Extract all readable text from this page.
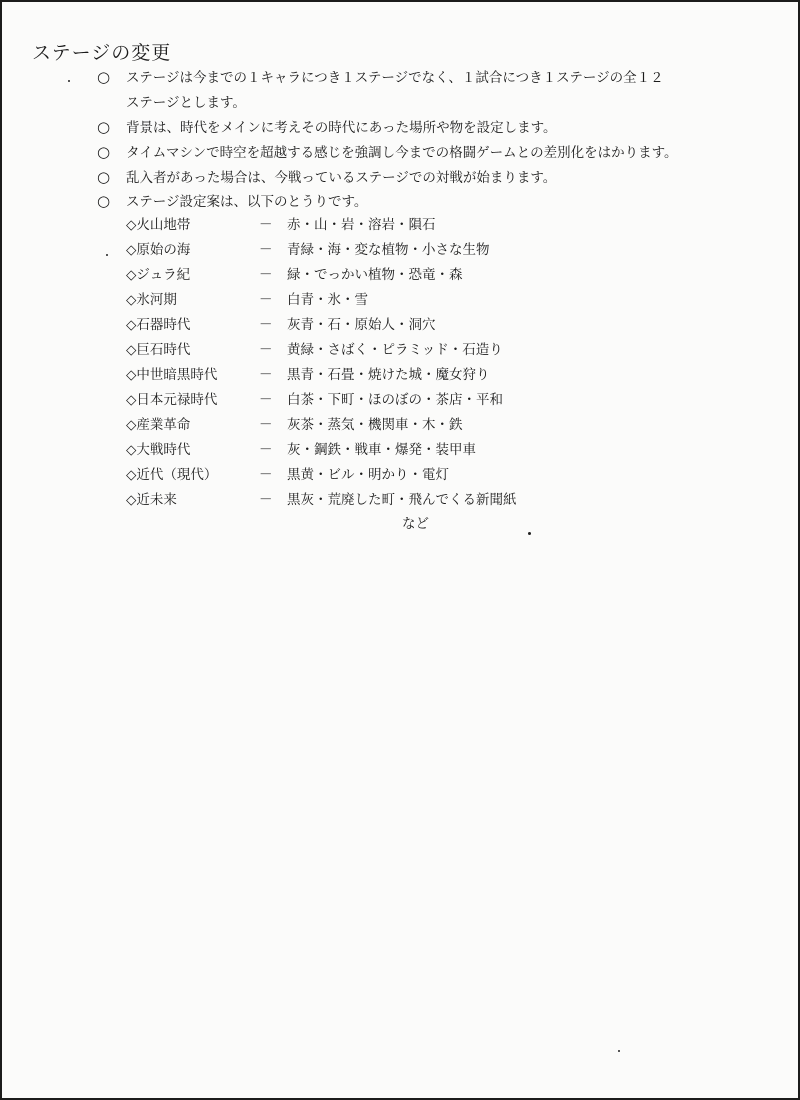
ステージの変更
○ ステージは今までの１キャラにつき１ステージでなく、１試合につき１ステージの全１２
ステージとします。
○ 背景は、時代をメインに考えその時代にあった場所や物を設定します。
○ タイムマシンで時空を超越する感じを強調し今までの格闘ゲームとの差別化をはかります。
○ 乱入者があった場合は、今戦っているステージでの対戦が始まります。
○ ステージ設定案は、以下のとうりです。
◇火山地帯	－ 赤・山・岩・溶岩・隕石
◇原始の海	－ 青緑・海・変な植物・小さな生物
◇ジュラ紀	－ 緑・でっかい植物・恐竜・森
◇氷河期	－ 白青・氷・雪
◇石器時代	－ 灰青・石・原始人・洞穴
◇巨石時代	－ 黄緑・さばく・ピラミッド・石造り
◇中世暗黒時代	－ 黒青・石畳・焼けた城・魔女狩り
◇日本元禄時代	－ 白茶・下町・ほのぼの・茶店・平和
◇産業革命	－ 灰茶・蒸気・機関車・木・鉄
◇大戦時代	－ 灰・鋼鉄・戦車・爆発・装甲車
◇近代（現代）	－ 黒黄・ビル・明かり・電灯
◇近未来	－ 黒灰・荒廃した町・飛んでくる新聞紙
など
